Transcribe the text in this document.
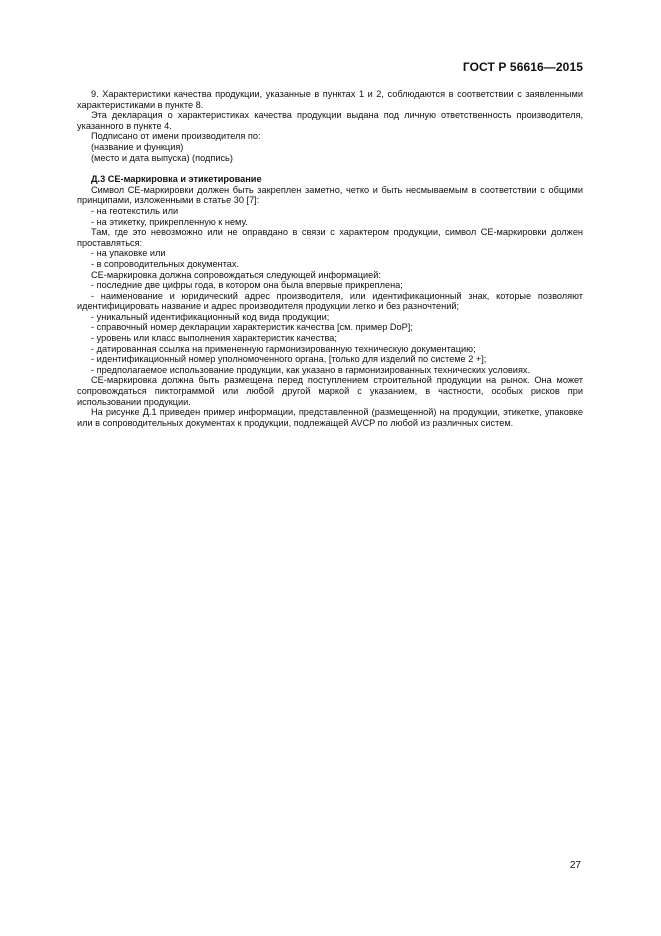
ГОСТ Р 56616—2015

9. Характеристики качества продукции, указанные в пунктах 1 и 2, соблюдаются в соответствии с заявленными характеристиками в пункте 8.

Эта декларация о характеристиках качества продукции выдана под личную ответственность производителя, указанного в пункте 4.

Подписано от имени производителя по:

(название и функция)

(место и дата выпуска) (подпись)

Д.3 СЕ-маркировка и этикетирование

Символ СЕ-маркировки должен быть закреплен заметно, четко и быть несмываемым в соответствии с общими принципами, изложенными в статье 30 [7]:

- на геотекстиль или

- на этикетку, прикрепленную к нему.

Там, где это невозможно или не оправдано в связи с характером продукции, символ СЕ-маркировки должен проставляться:

- на упаковке или

- в сопроводительных документах.

СЕ-маркировка должна сопровождаться следующей информацией:

- последние две цифры года, в котором она была впервые прикреплена;

- наименование и юридический адрес производителя, или идентификационный знак, которые позволяют идентифицировать название и адрес производителя продукции легко и без разночтений;

- уникальный идентификационный код вида продукции;

- справочный номер декларации характеристик качества [см. пример DoP];

- уровень или класс выполнения характеристик качества;

- датированная ссылка на примененную гармонизированную техническую документацию;

- идентификационный номер уполномоченного органа, [только для изделий по системе 2 +];

- предполагаемое использование продукции, как указано в гармонизированных технических условиях.

СЕ-маркировка должна быть размещена перед поступлением строительной продукции на рынок. Она может сопровождаться пиктограммой или любой другой маркой с указанием, в частности, особых рисков при использовании продукции.

На рисунке Д.1 приведен пример информации, представленной (размещенной) на продукции, этикетке, упаковке или в сопроводительных документах к продукции, подлежащей AVCP по любой из различных систем.

27
